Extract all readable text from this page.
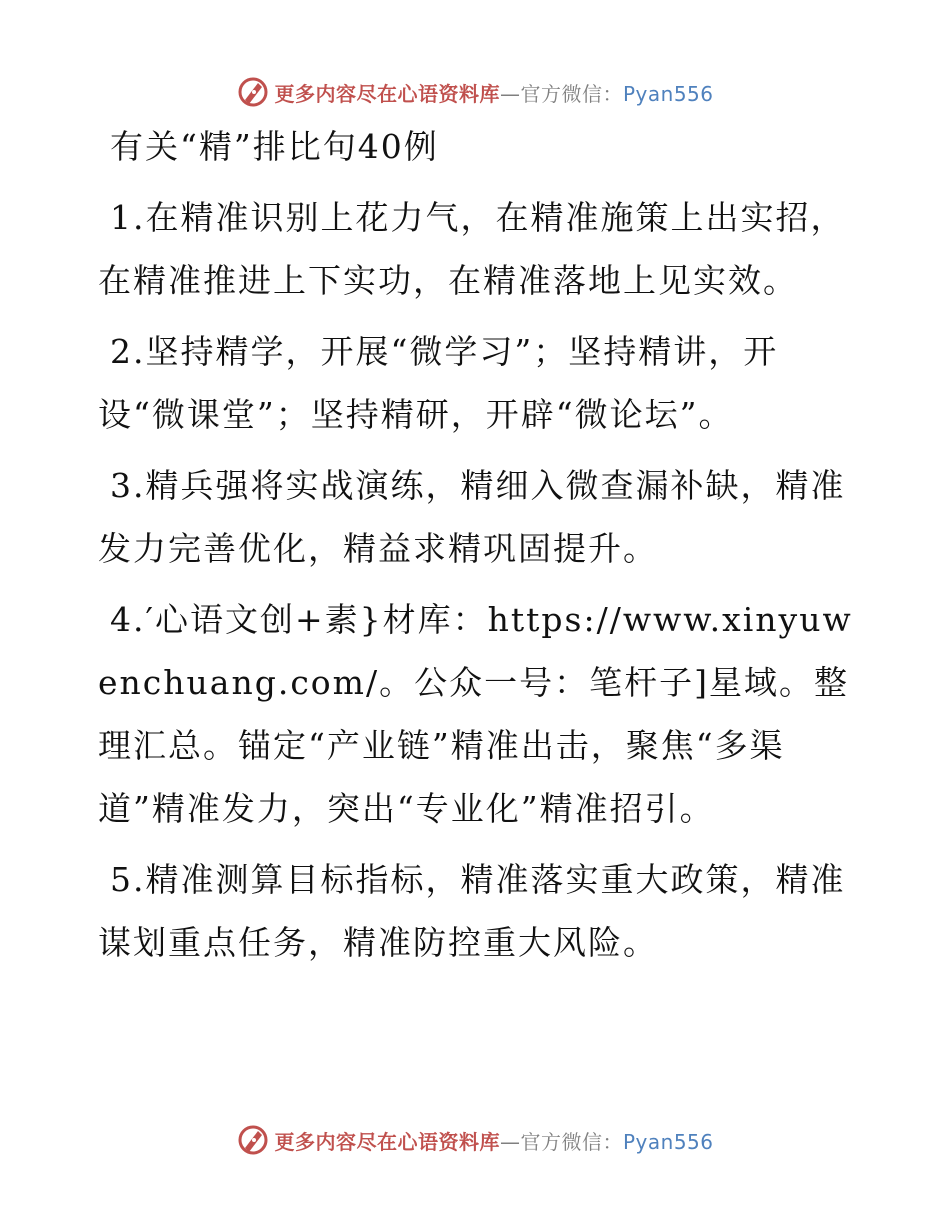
更多内容尽在心语资料库—官方微信：Pyan556
有关“精”排比句40例

1.在精准识别上花力气，在精准施策上出实招，在精准推进上下实功，在精准落地上见实效。

2.坚持精学，开展“微学习”；坚持精讲，开设“微课堂”；坚持精研，开辟“微论坛”。

3.精兵强将实战演练，精细入微查漏补缺，精准发力完善优化，精益求精巩固提升。

4.′心语文创+素}材库：https://www.xinyuwenchuang.com/。公众一号：笔杆子]星域。整理汇总。锚定“产业链”精准出击，聚焦“多渠道”精准发力，突出“专业化”精准招引。

5.精准测算目标指标，精准落实重大政策，精准谋划重点任务，精准防控重大风险。

更多内容尽在心语资料库—官方微信：Pyan556
